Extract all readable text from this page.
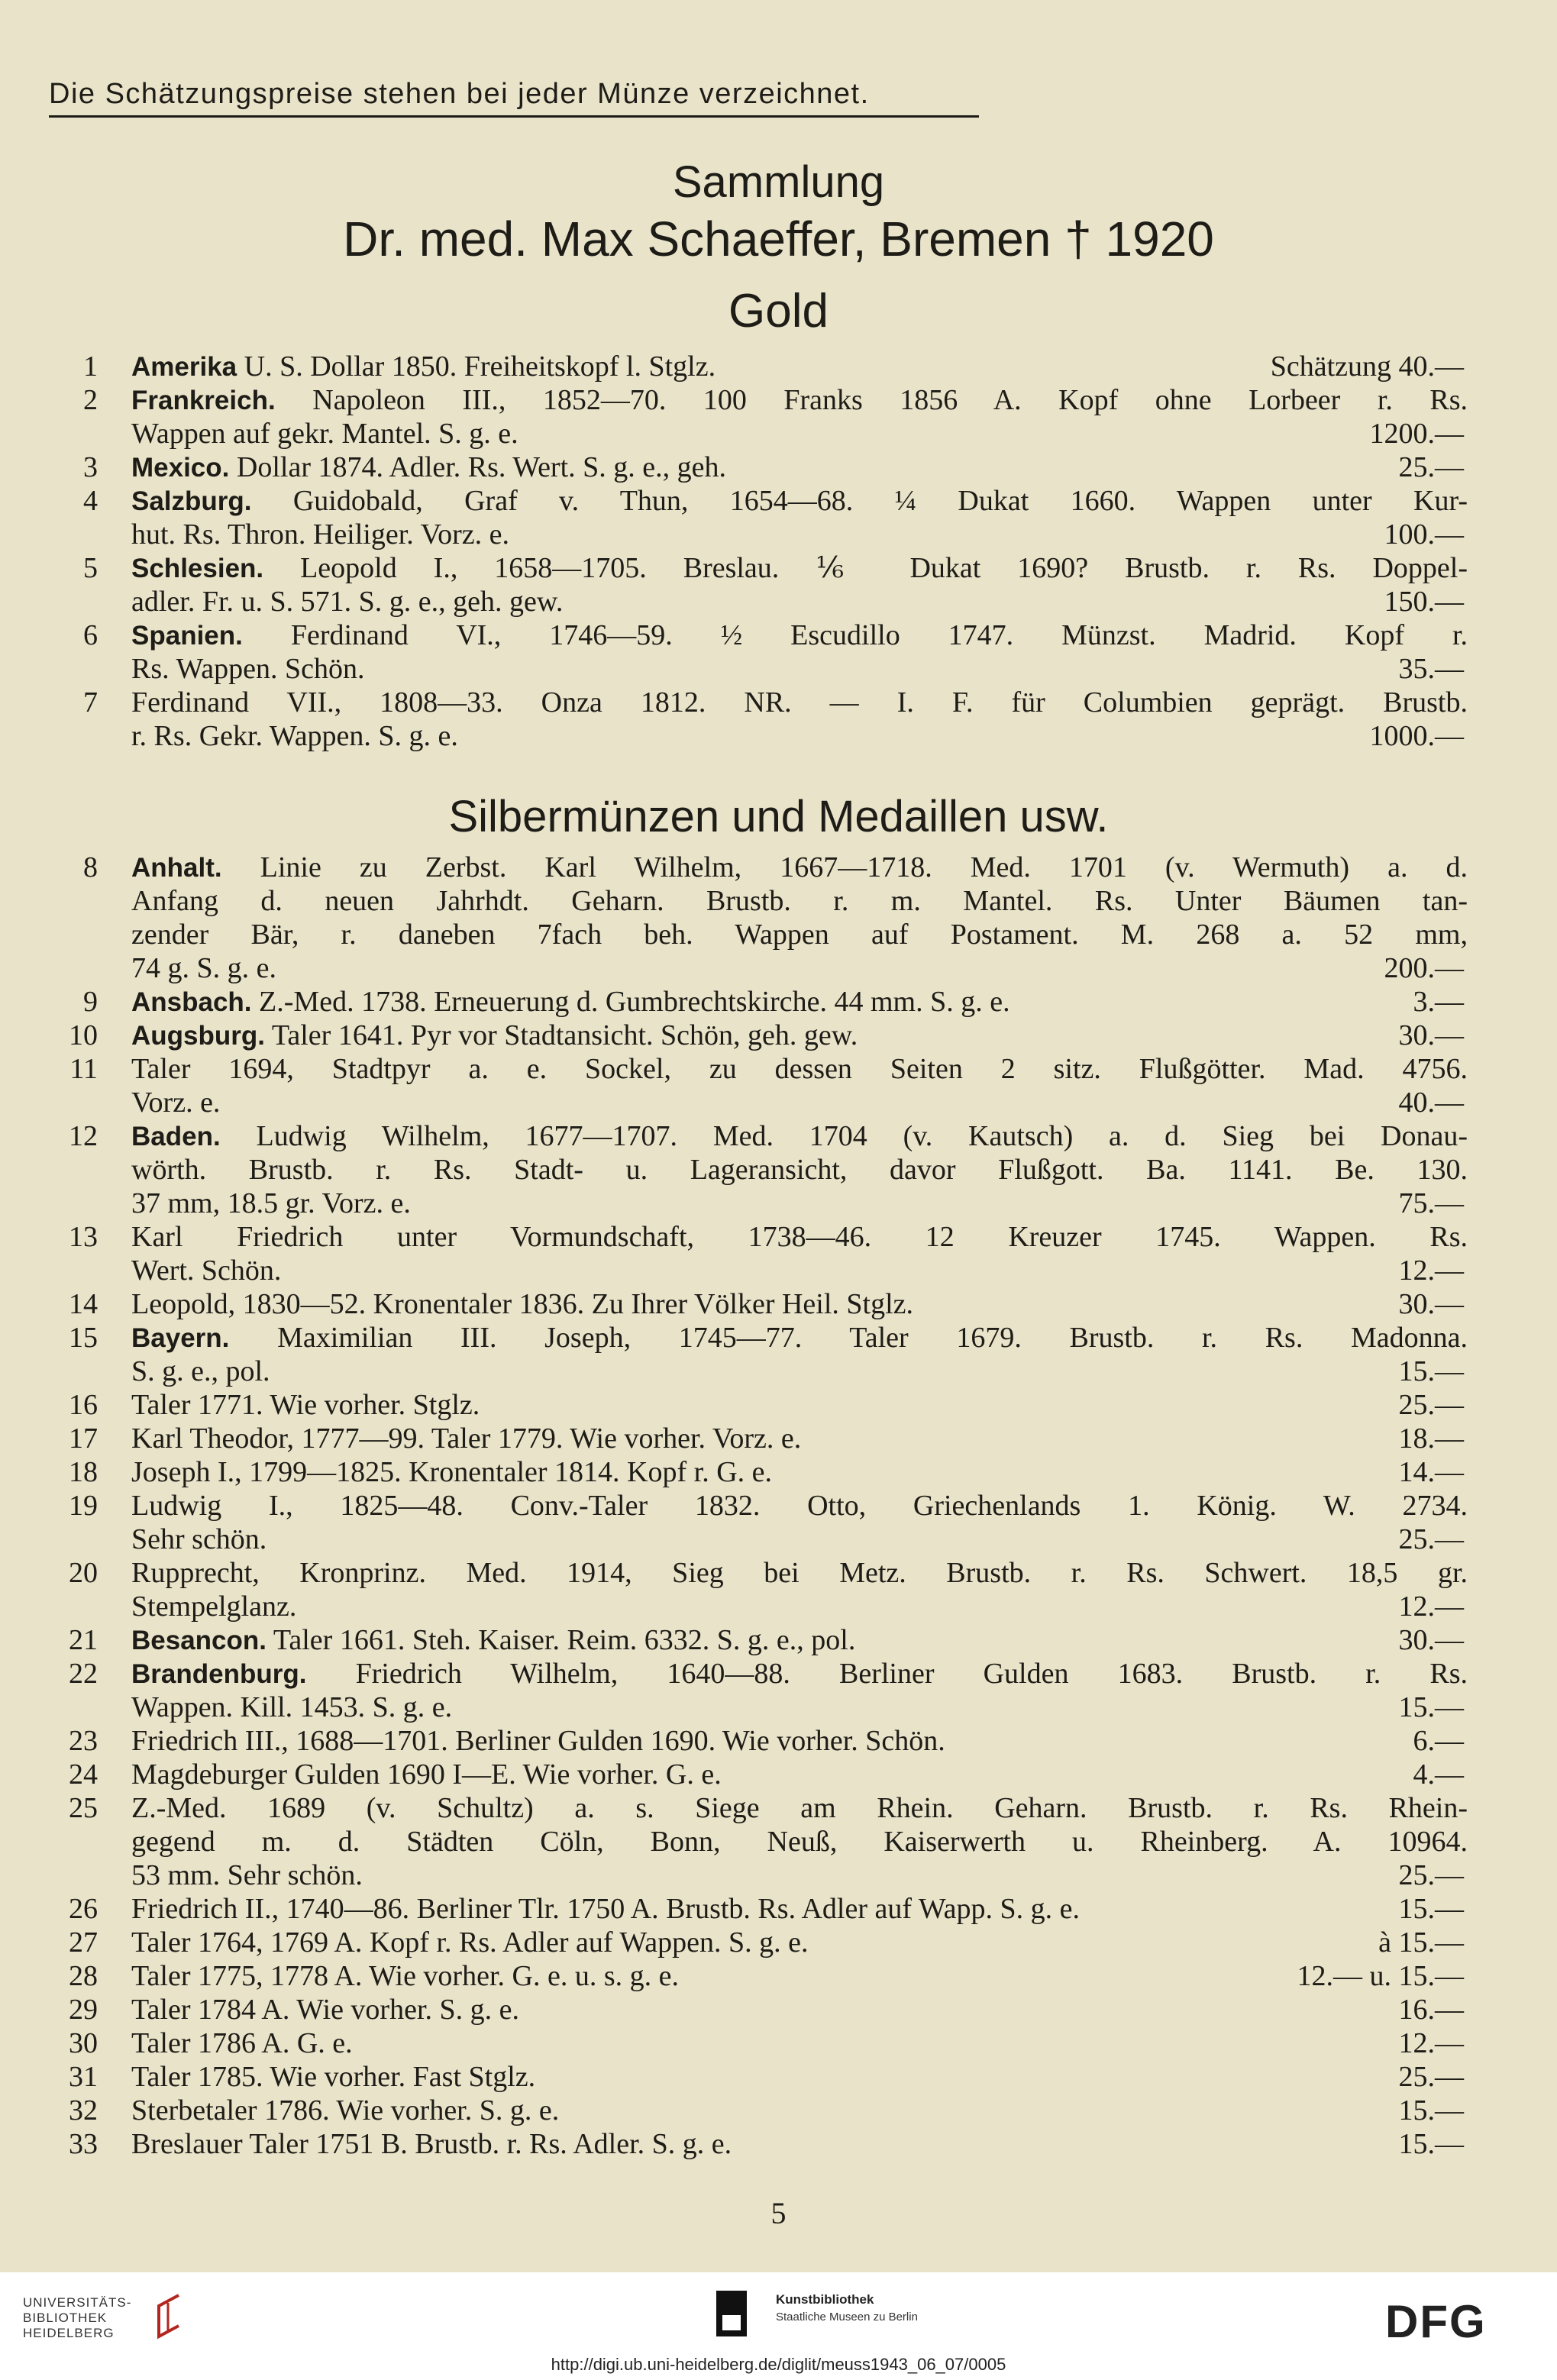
Die Schätzungspreise stehen bei jeder Münze verzeichnet.
Sammlung
Dr. med. Max Schaeffer, Bremen † 1920
Gold
Silbermünzen und Medaillen usw.
1 Amerika U. S. Dollar 1850. Freiheitskopf l. Stglz.	Schätzung 40.—
2 Frankreich. Napoleon III., 1852—70. 100 Franks 1856 A. Kopf ohne Lorbeer r. Rs.
Wappen auf gekr. Mantel. S. g. e.	1200.—
3 Mexico. Dollar 1874. Adler. Rs. Wert. S. g. e., geh.	25.—
4 Salzburg. Guidobald, Graf v. Thun, 1654—68. ¼ Dukat 1660. Wappen unter Kur-
hut. Rs. Thron. Heiliger. Vorz. e.	100.—
5 Schlesien. Leopold I., 1658—1705. Breslau. ⅙ Dukat 1690? Brustb. r. Rs. Doppel-
adler. Fr. u. S. 571. S. g. e., geh. gew.	150.—
6 Spanien. Ferdinand VI., 1746—59. ½ Escudillo 1747. Münzst. Madrid. Kopf r.
Rs. Wappen. Schön.	35.—
7 Ferdinand VII., 1808—33. Onza 1812. NR. — I. F. für Columbien geprägt. Brustb.
r. Rs. Gekr. Wappen. S. g. e.	1000.—
8 Anhalt. Linie zu Zerbst. Karl Wilhelm, 1667—1718. Med. 1701 (v. Wermuth) a. d.
Anfang d. neuen Jahrhdt. Geharn. Brustb. r. m. Mantel. Rs. Unter Bäumen tan-
zender Bär, r. daneben 7fach beh. Wappen auf Postament. M. 268 a. 52 mm,
74 g. S. g. e.	200.—
9 Ansbach. Z.-Med. 1738. Erneuerung d. Gumbrechtskirche. 44 mm. S. g. e.	3.—
10 Augsburg. Taler 1641. Pyr vor Stadtansicht. Schön, geh. gew.	30.—
11 Taler 1694, Stadtpyr a. e. Sockel, zu dessen Seiten 2 sitz. Flußgötter. Mad. 4756.
Vorz. e.	40.—
12 Baden. Ludwig Wilhelm, 1677—1707. Med. 1704 (v. Kautsch) a. d. Sieg bei Donau-
wörth. Brustb. r. Rs. Stadt- u. Lageransicht, davor Flußgott. Ba. 1141. Be. 130.
37 mm, 18.5 gr. Vorz. e.	75.—
13 Karl Friedrich unter Vormundschaft, 1738—46. 12 Kreuzer 1745. Wappen. Rs.
Wert. Schön.	12.—
14 Leopold, 1830—52. Kronentaler 1836. Zu Ihrer Völker Heil. Stglz.	30.—
15 Bayern. Maximilian III. Joseph, 1745—77. Taler 1679. Brustb. r. Rs. Madonna.
S. g. e., pol.	15.—
16 Taler 1771. Wie vorher. Stglz.	25.—
17 Karl Theodor, 1777—99. Taler 1779. Wie vorher. Vorz. e.	18.—
18 Joseph I., 1799—1825. Kronentaler 1814. Kopf r. G. e.	14.—
19 Ludwig I., 1825—48. Conv.-Taler 1832. Otto, Griechenlands 1. König. W. 2734.
Sehr schön.	25.—
20 Rupprecht, Kronprinz. Med. 1914, Sieg bei Metz. Brustb. r. Rs. Schwert. 18,5 gr.
Stempelglanz.	12.—
21 Besancon. Taler 1661. Steh. Kaiser. Reim. 6332. S. g. e., pol.	30.—
22 Brandenburg. Friedrich Wilhelm, 1640—88. Berliner Gulden 1683. Brustb. r. Rs.
Wappen. Kill. 1453. S. g. e.	15.—
23 Friedrich III., 1688—1701. Berliner Gulden 1690. Wie vorher. Schön.	6.—
24 Magdeburger Gulden 1690 I—E. Wie vorher. G. e.	4.—
25 Z.-Med. 1689 (v. Schultz) a. s. Siege am Rhein. Geharn. Brustb. r. Rs. Rhein-
gegend m. d. Städten Cöln, Bonn, Neuß, Kaiserwerth u. Rheinberg. A. 10964.
53 mm. Sehr schön.	25.—
26 Friedrich II., 1740—86. Berliner Tlr. 1750 A. Brustb. Rs. Adler auf Wapp. S. g. e.	15.—
27 Taler 1764, 1769 A. Kopf r. Rs. Adler auf Wappen. S. g. e.	à 15.—
28 Taler 1775, 1778 A. Wie vorher. G. e. u. s. g. e.	12.— u. 15.—
29 Taler 1784 A. Wie vorher. S. g. e.	16.—
30 Taler 1786 A. G. e.	12.—
31 Taler 1785. Wie vorher. Fast Stglz.	25.—
32 Sterbetaler 1786. Wie vorher. S. g. e.	15.—
33 Breslauer Taler 1751 B. Brustb. r. Rs. Adler. S. g. e.	15.—
5
UNIVERSITÄTS-
BIBLIOTHEK
HEIDELBERG
Kunstbibliothek
Staatliche Museen zu Berlin	DFG
http://digi.ub.uni-heidelberg.de/diglit/meuss1943_06_07/0005
